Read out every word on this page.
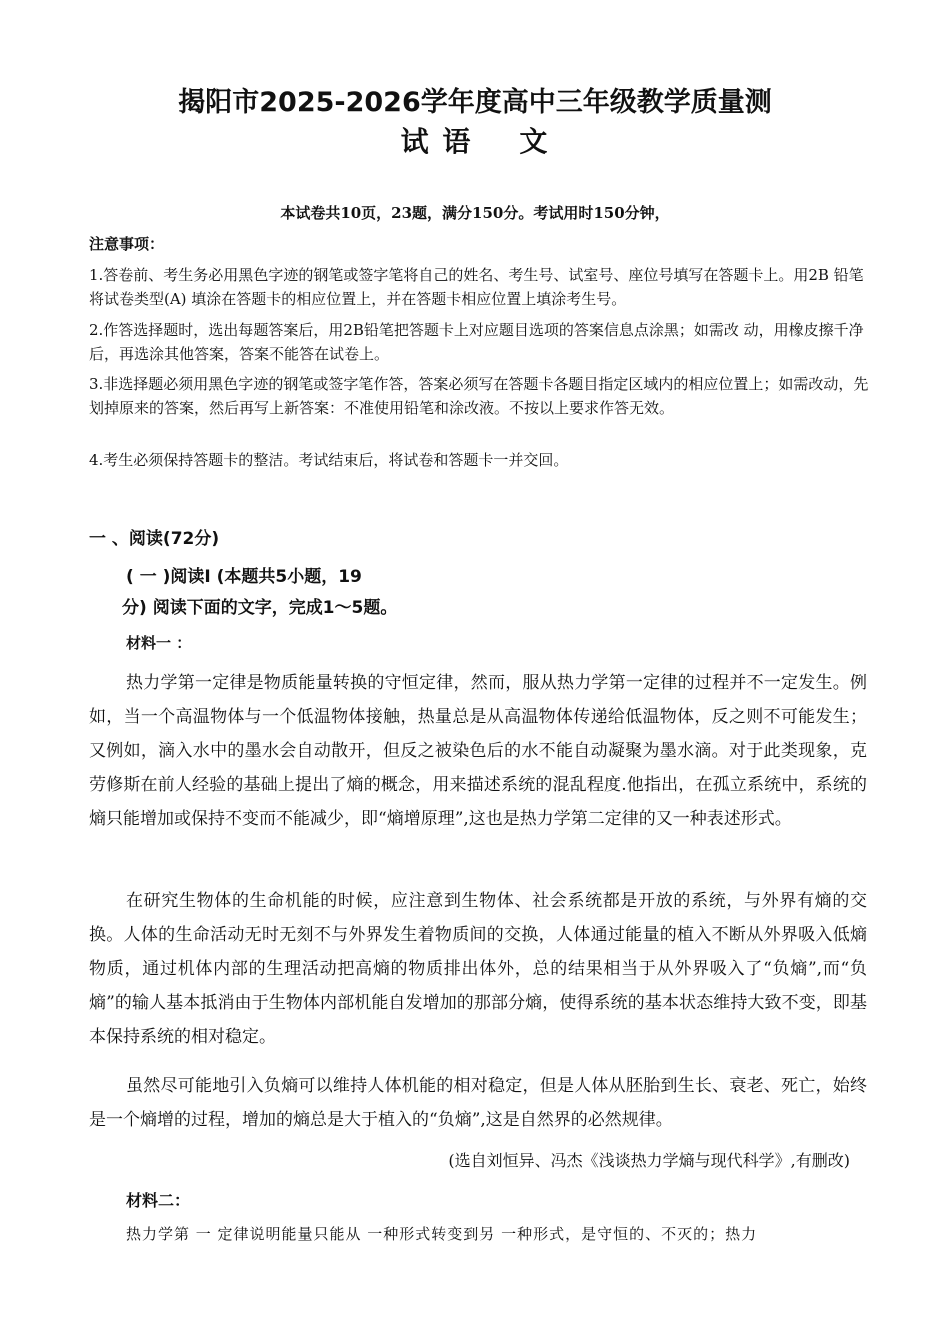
揭阳市2025-2026学年度高中三年级教学质量测
试 语    文
本试卷共10页，23题，满分150分。考试用时150分钟，
注意事项：
1.答卷前、考生务必用黑色字迹的钢笔或签字笔将自己的姓名、考生号、试室号、座位号填写在答题卡上。用2B 铅笔将试卷类型(A) 填涂在答题卡的相应位置上，并在答题卡相应位置上填涂考生号。
2.作答选择题时，选出每题答案后，用2B铅笔把答题卡上对应题目选项的答案信息点涂黑；如需改 动，用橡皮擦千净后，再选涂其他答案，答案不能答在试卷上。
3.非选择题必须用黑色字迹的钢笔或签字笔作答，答案必须写在答题卡各题目指定区域内的相应位置上；如需改动，先划掉原来的答案，然后再写上新答案：不准使用铅笔和涂改液。不按以上要求作答无效。
4.考生必须保持答题卡的整洁。考试结束后，将试卷和答题卡一并交回。
一 、阅读(72分)
( 一 )阅读Ⅰ (本题共5小题，19
分) 阅读下面的文字，完成1～5题。
材料一 ：
热力学第一定律是物质能量转换的守恒定律，然而，服从热力学第一定律的过程并不一定发生。例如，当一个高温物体与一个低温物体接触，热量总是从高温物体传递给低温物体，反之则不可能发生；又例如，滴入水中的墨水会自动散开，但反之被染色后的水不能自动凝聚为墨水滴。对于此类现象，克劳修斯在前人经验的基础上提出了熵的概念，用来描述系统的混乱程度.他指出，在孤立系统中，系统的熵只能增加或保持不变而不能减少，即“熵增原理”,这也是热力学第二定律的又一种表述形式。
在研究生物体的生命机能的时候，应注意到生物体、社会系统都是开放的系统，与外界有熵的交换。人体的生命活动无时无刻不与外界发生着物质间的交换，人体通过能量的植入不断从外界吸入低熵物质，通过机体内部的生理活动把高熵的物质排出体外，总的结果相当于从外界吸入了“负熵”,而“负熵”的输人基本抵消由于生物体内部机能自发增加的那部分熵，使得系统的基本状态维持大致不变，即基本保持系统的相对稳定。
虽然尽可能地引入负熵可以维持人体机能的相对稳定，但是人体从胚胎到生长、衰老、死亡，始终是一个熵增的过程，增加的熵总是大于植入的“负熵”,这是自然界的必然规律。
(选自刘恒异、冯杰《浅谈热力学熵与现代科学》,有删改)
材料二：
热力学第 一 定律说明能量只能从 一种形式转变到另 一种形式，是守恒的、不灭的；热力
